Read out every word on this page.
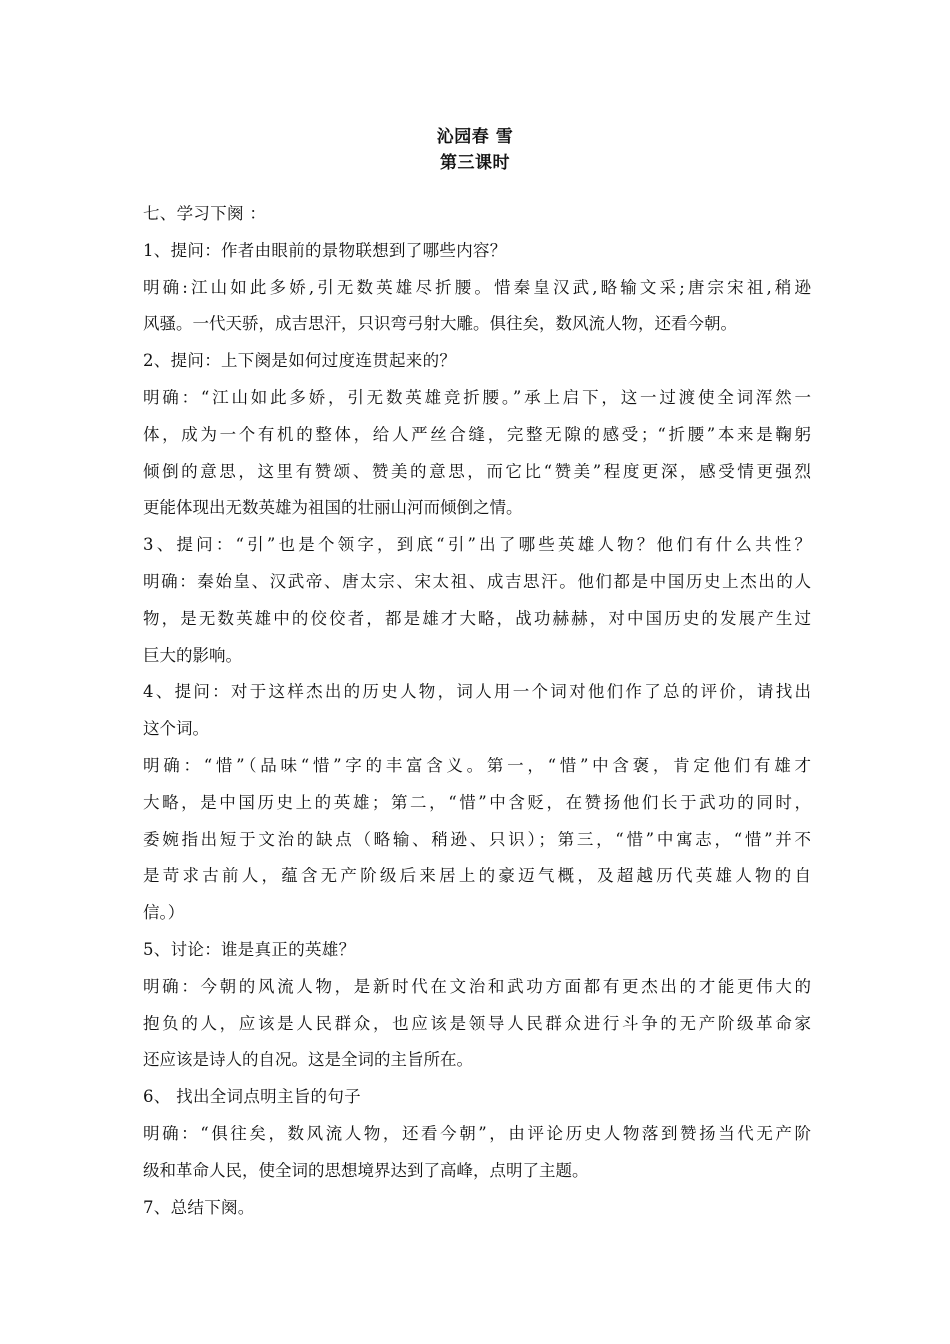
沁园春 雪
第三课时
七、学习下阕 ：
1、提问：作者由眼前的景物联想到了哪些内容？
明确:江山如此多娇,引无数英雄尽折腰。惜秦皇汉武,略输文采;唐宗宋祖,稍逊
风骚。一代天骄，成吉思汗，只识弯弓射大雕。俱往矣，数风流人物，还看今朝。
2、提问：上下阕是如何过度连贯起来的？
明确：“江山如此多娇，引无数英雄竞折腰。”承上启下，这一过渡使全词浑然一
体，成为一个有机的整体，给人严丝合缝，完整无隙的感受；“折腰”本来是鞠躬
倾倒的意思，这里有赞颂、赞美的意思，而它比“赞美”程度更深，感受情更强烈
更能体现出无数英雄为祖国的壮丽山河而倾倒之情。
3、提问：“引”也是个领字，到底“引”出了哪些英雄人物？他们有什么共性？
明确：秦始皇、汉武帝、唐太宗、宋太祖、成吉思汗。他们都是中国历史上杰出的人
物，是无数英雄中的佼佼者，都是雄才大略，战功赫赫，对中国历史的发展产生过
巨大的影响。
4、提问：对于这样杰出的历史人物，词人用一个词对他们作了总的评价，请找出
这个词。
明确：“惜”（品味“惜”字的丰富含义。第一，“惜”中含褒，肯定他们有雄才
大略，是中国历史上的英雄；第二，“惜”中含贬，在赞扬他们长于武功的同时，
委婉指出短于文治的缺点（略输、稍逊、只识）；第三，“惜”中寓志，“惜”并不
是苛求古前人，蕴含无产阶级后来居上的豪迈气概，及超越历代英雄人物的自
信。）
5、讨论：谁是真正的英雄？
明确：今朝的风流人物，是新时代在文治和武功方面都有更杰出的才能更伟大的
抱负的人，应该是人民群众，也应该是领导人民群众进行斗争的无产阶级革命家
还应该是诗人的自况。这是全词的主旨所在。
6、 找出全词点明主旨的句子
明确：“俱往矣，数风流人物，还看今朝”，由评论历史人物落到赞扬当代无产阶
级和革命人民，使全词的思想境界达到了高峰，点明了主题。
7、总结下阕。
